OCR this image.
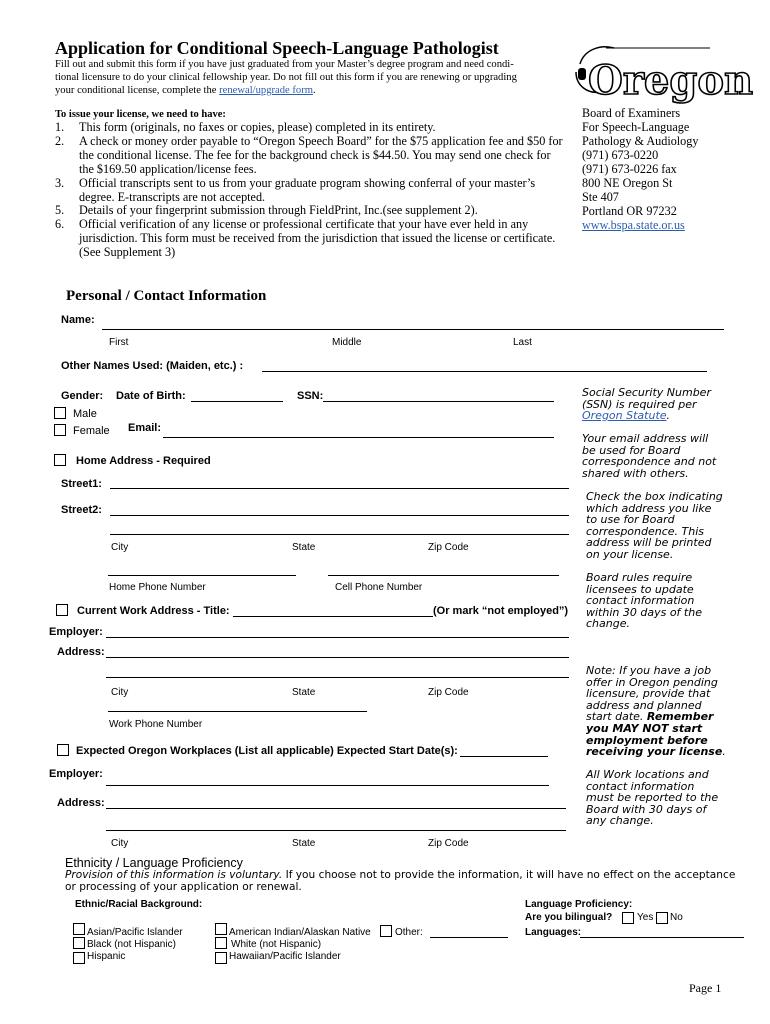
Application for Conditional Speech-Language Pathologist
Fill out and submit this form if you have just graduated from your Master’s degree program and need condi-
tional licensure to do your clinical fellowship year. Do not fill out this form if you are renewing or upgrading
your conditional license, complete the renewal/upgrade form.	Oregon
To issue your license, we need to have:
1. This form (originals, no faxes or copies, please) completed in its entirety.
2. A check or money order payable to “Oregon Speech Board” for the $75 application fee and $50 for the conditional license. The fee for the background check is $44.50. You may send one check for the $169.50 application/license fees.
3. Official transcripts sent to us from your graduate program showing conferral of your master’s degree. E-transcripts are not accepted.
5. Details of your fingerprint submission through FieldPrint, Inc.(see supplement 2).
6. Official verification of any license or professional certificate that your have ever held in any jurisdiction. This form must be received from the jurisdiction that issued the license or certificate. (See Supplement 3)
Board of Examiners
For Speech-Language
Pathology & Audiology
(971) 673-0220
(971) 673-0226 fax
800 NE Oregon St
Ste 407
Portland OR 97232
www.bspa.state.or.us
Personal / Contact Information
Name:
First	Middle	Last
Other Names Used: (Maiden, etc.) :
Gender: Date of Birth:	SSN:
Male
Female Email:
Home Address - Required
Street1:
Street2:
City	State	Zip Code
Home Phone Number	Cell Phone Number
Current Work Address - Title:	(Or mark “not employed”)
Employer:
Address:
City	State	Zip Code
Work Phone Number
Expected Oregon Workplaces (List all applicable) Expected Start Date(s):
Employer:
Address:
City	State	Zip Code
Social Security Number
(SSN) is required per
Oregon Statute.
Your email address will
be used for Board
correspondence and not
shared with others.
Check the box indicating
which address you like
to use for Board
correspondence. This
address will be printed
on your license.
Board rules require
licensees to update
contact information
within 30 days of the
change.
Note: If you have a job
offer in Oregon pending
licensure, provide that
address and planned
start date. Remember
you MAY NOT start
employment before
receiving your license.
All Work locations and
contact information
must be reported to the
Board with 30 days of
any change.
Ethnicity / Language Proficiency
Provision of this information is voluntary. If you choose not to provide the information, it will have no effect on the acceptance
or processing of your application or renewal.
Ethnic/Racial Background:
Asian/Pacific Islander
Black (not Hispanic)
Hispanic
American Indian/Alaskan Native
White (not Hispanic)
Hawaiian/Pacific Islander
Other:
Language Proficiency:
Are you bilingual? Yes No
Languages:
Page 1
